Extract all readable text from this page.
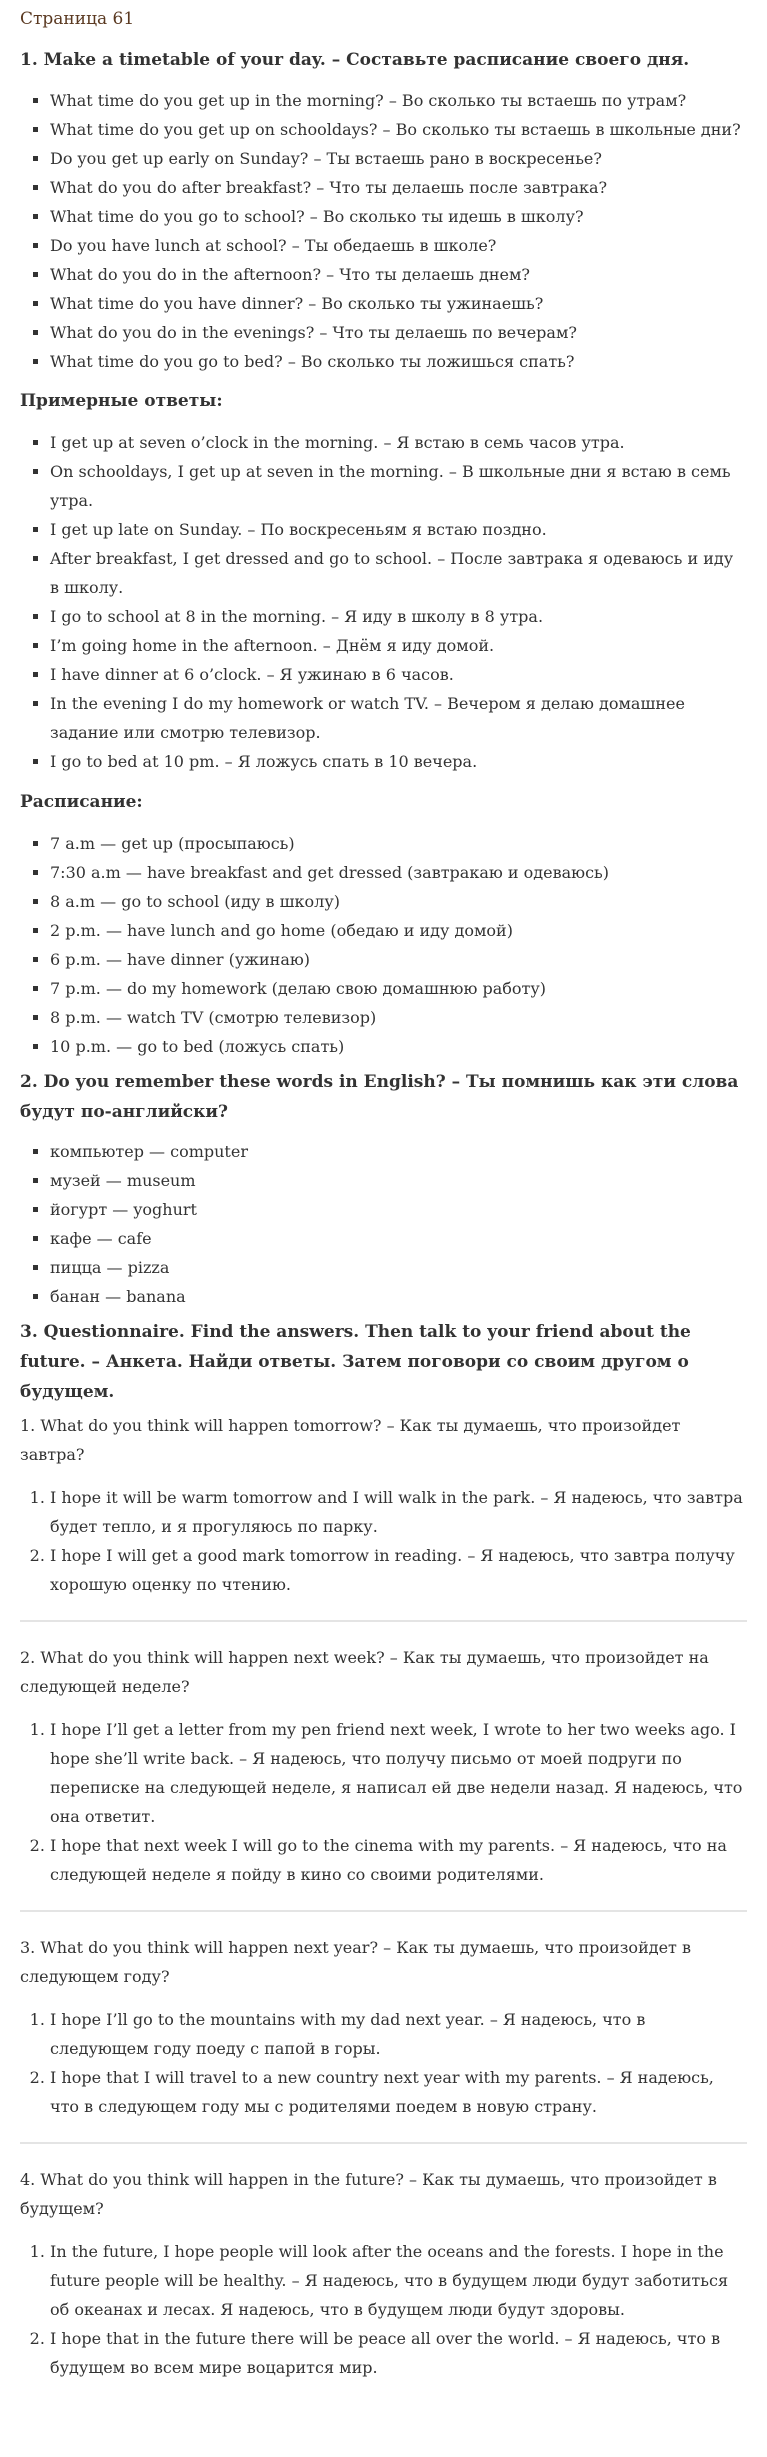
Страница 61

1. Make a timetable of your day. – Составьте расписание своего дня.

▪ What time do you get up in the morning? – Во сколько ты встаешь по утрам?
▪ What time do you get up on schooldays? – Во сколько ты встаешь в школьные дни?
▪ Do you get up early on Sunday? – Ты встаешь рано в воскресенье?
▪ What do you do after breakfast? – Что ты делаешь после завтрака?
▪ What time do you go to school? – Во сколько ты идешь в школу?
▪ Do you have lunch at school? – Ты обедаешь в школе?
▪ What do you do in the afternoon? – Что ты делаешь днем?
▪ What time do you have dinner? – Во сколько ты ужинаешь?
▪ What do you do in the evenings? – Что ты делаешь по вечерам?
▪ What time do you go to bed? – Во сколько ты ложишься спать?

Примерные ответы:

▪ I get up at seven o’clock in the morning. – Я встаю в семь часов утра.
▪ On schooldays, I get up at seven in the morning. – В школьные дни я встаю в семь утра.
▪ I get up late on Sunday. – По воскресеньям я встаю поздно.
▪ After breakfast, I get dressed and go to school. – После завтрака я одеваюсь и иду в школу.
▪ I go to school at 8 in the morning. – Я иду в школу в 8 утра.
▪ I’m going home in the afternoon. – Днём я иду домой.
▪ I have dinner at 6 o’clock. – Я ужинаю в 6 часов.
▪ In the evening I do my homework or watch TV. – Вечером я делаю домашнее задание или смотрю телевизор.
▪ I go to bed at 10 pm. – Я ложусь спать в 10 вечера.

Расписание:

▪ 7 a.m — get up (просыпаюсь)
▪ 7:30 a.m — have breakfast and get dressed (завтракаю и одеваюсь)
▪ 8 a.m — go to school (иду в школу)
▪ 2 p.m. — have lunch and go home (обедаю и иду домой)
▪ 6 p.m. — have dinner (ужинаю)
▪ 7 p.m. — do my homework (делаю свою домашнюю работу)
▪ 8 p.m. — watch TV (смотрю телевизор)
▪ 10 p.m. — go to bed (ложусь спать)

2. Do you remember these words in English? – Ты помнишь как эти слова будут по-английски?

▪ компьютер — computer
▪ музей — museum
▪ йогурт — yoghurt
▪ кафе — cafe
▪ пицца — pizza
▪ банан — banana

3. Questionnaire. Find the answers. Then talk to your friend about the future. – Анкета. Найди ответы. Затем поговори со своим другом о будущем.

1. What do you think will happen tomorrow? – Как ты думаешь, что произойдет завтра?

1. I hope it will be warm tomorrow and I will walk in the park. – Я надеюсь, что завтра будет тепло, и я прогуляюсь по парку.
2. I hope I will get a good mark tomorrow in reading. – Я надеюсь, что завтра получу хорошую оценку по чтению.

2. What do you think will happen next week? – Как ты думаешь, что произойдет на следующей неделе?

1. I hope I’ll get a letter from my pen friend next week, I wrote to her two weeks ago. I hope she’ll write back. – Я надеюсь, что получу письмо от моей подруги по переписке на следующей неделе, я написал ей две недели назад. Я надеюсь, что она ответит.
2. I hope that next week I will go to the cinema with my parents. – Я надеюсь, что на следующей неделе я пойду в кино со своими родителями.

3. What do you think will happen next year? – Как ты думаешь, что произойдет в следующем году?

1. I hope I’ll go to the mountains with my dad next year. – Я надеюсь, что в следующем году поеду с папой в горы.
2. I hope that I will travel to a new country next year with my parents. – Я надеюсь, что в следующем году мы с родителями поедем в новую страну.

4. What do you think will happen in the future? – Как ты думаешь, что произойдет в будущем?

1. In the future, I hope people will look after the oceans and the forests. I hope in the future people will be healthy. – Я надеюсь, что в будущем люди будут заботиться об океанах и лесах. Я надеюсь, что в будущем люди будут здоровы.
2. I hope that in the future there will be peace all over the world. – Я надеюсь, что в будущем во всем мире воцарится мир.
